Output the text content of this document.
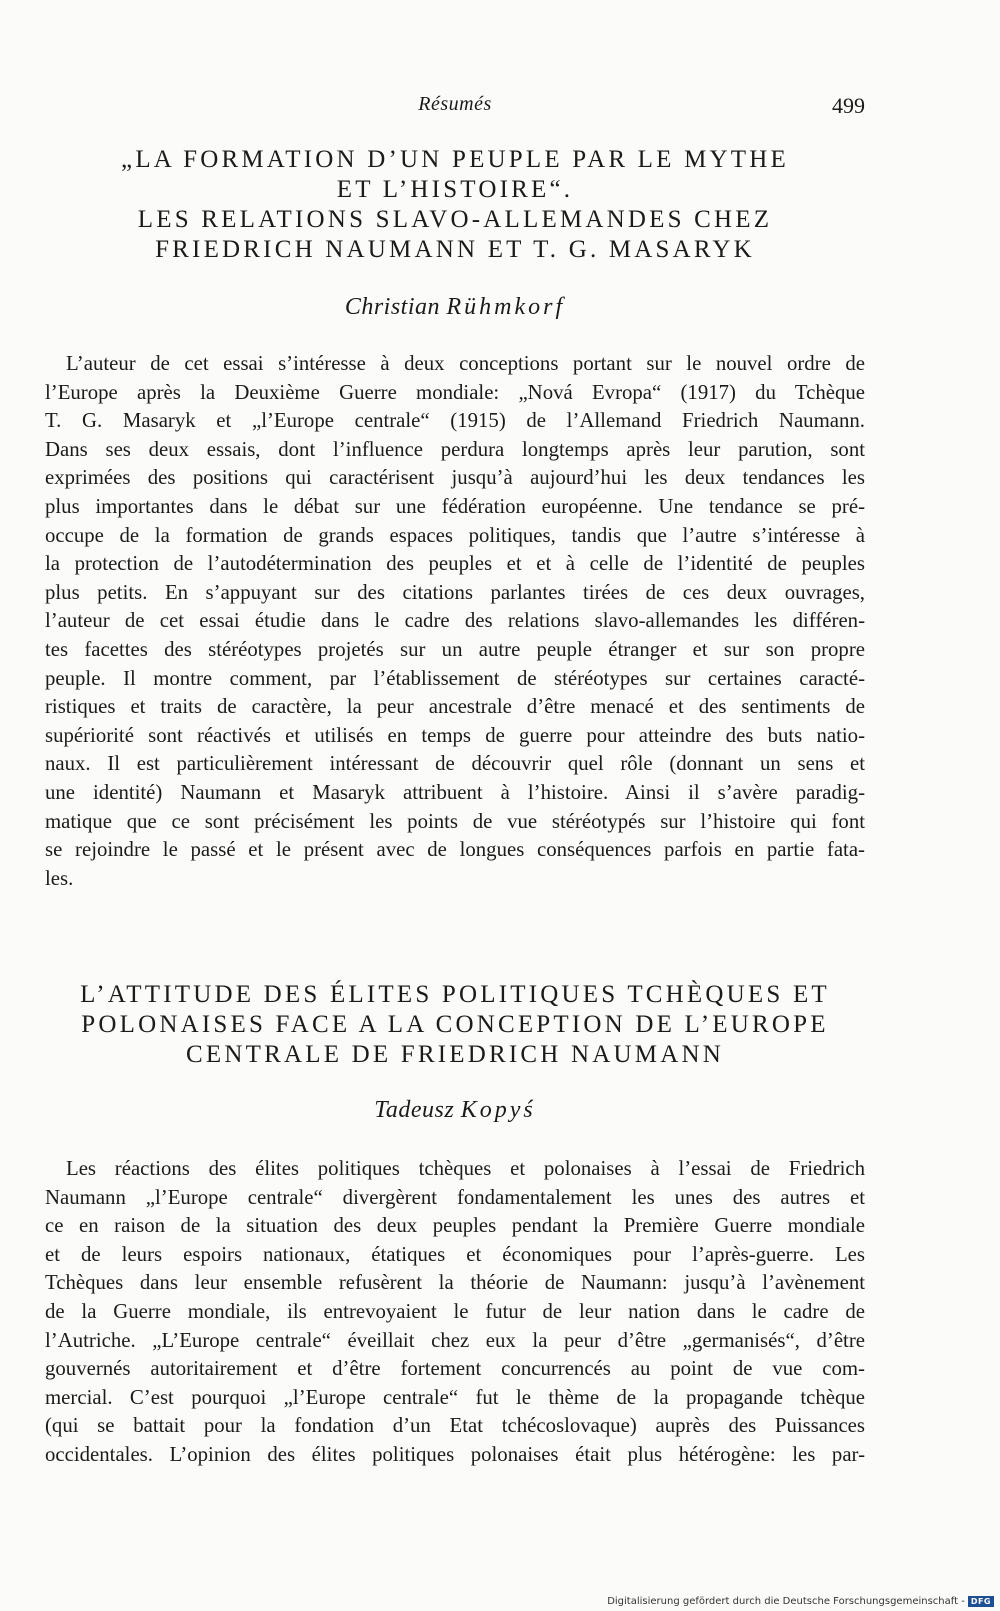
Résumés	499
„LA FORMATION D’UN PEUPLE PAR LE MYTHE
ET L’HISTOIRE“.
LES RELATIONS SLAVO-ALLEMANDES CHEZ
FRIEDRICH NAUMANN ET T. G. MASARYK
Christian Rühmkorf

L’auteur de cet essai s’intéresse à deux conceptions portant sur le nouvel ordre de
l’Europe après la Deuxième Guerre mondiale: „Nová Evropa“ (1917) du Tchèque
T. G. Masaryk et „l’Europe centrale“ (1915) de l’Allemand Friedrich Naumann.
Dans ses deux essais, dont l’influence perdura longtemps après leur parution, sont
exprimées des positions qui caractérisent jusqu’à aujourd’hui les deux tendances les
plus importantes dans le débat sur une fédération européenne. Une tendance se pré-
occupe de la formation de grands espaces politiques, tandis que l’autre s’intéresse à
la protection de l’autodétermination des peuples et et à celle de l’identité de peuples
plus petits. En s’appuyant sur des citations parlantes tirées de ces deux ouvrages,
l’auteur de cet essai étudie dans le cadre des relations slavo-allemandes les différen-
tes facettes des stéréotypes projetés sur un autre peuple étranger et sur son propre
peuple. Il montre comment, par l’établissement de stéréotypes sur certaines caracté-
ristiques et traits de caractère, la peur ancestrale d’être menacé et des sentiments de
supériorité sont réactivés et utilisés en temps de guerre pour atteindre des buts natio-
naux. Il est particulièrement intéressant de découvrir quel rôle (donnant un sens et
une identité) Naumann et Masaryk attribuent à l’histoire. Ainsi il s’avère paradig-
matique que ce sont précisément les points de vue stéréotypés sur l’histoire qui font
se rejoindre le passé et le présent avec de longues conséquences parfois en partie fata-
les.

L’ATTITUDE DES ÉLITES POLITIQUES TCHÈQUES ET
POLONAISES FACE A LA CONCEPTION DE L’EUROPE
CENTRALE DE FRIEDRICH NAUMANN
Tadeusz Kopyś

Les réactions des élites politiques tchèques et polonaises à l’essai de Friedrich
Naumann „l’Europe centrale“ divergèrent fondamentalement les unes des autres et
ce en raison de la situation des deux peuples pendant la Première Guerre mondiale
et de leurs espoirs nationaux, étatiques et économiques pour l’après-guerre. Les
Tchèques dans leur ensemble refusèrent la théorie de Naumann: jusqu’à l’avènement
de la Guerre mondiale, ils entrevoyaient le futur de leur nation dans le cadre de
l’Autriche. „L’Europe centrale“ éveillait chez eux la peur d’être „germanisés“, d’être
gouvernés autoritairement et d’être fortement concurrencés au point de vue com-
mercial. C’est pourquoi „l’Europe centrale“ fut le thème de la propagande tchèque
(qui se battait pour la fondation d’un Etat tchécoslovaque) auprès des Puissances
occidentales. L’opinion des élites politiques polonaises était plus hétérogène: les par-

Digitalisierung gefördert durch die Deutsche Forschungsgemeinschaft - DFG
